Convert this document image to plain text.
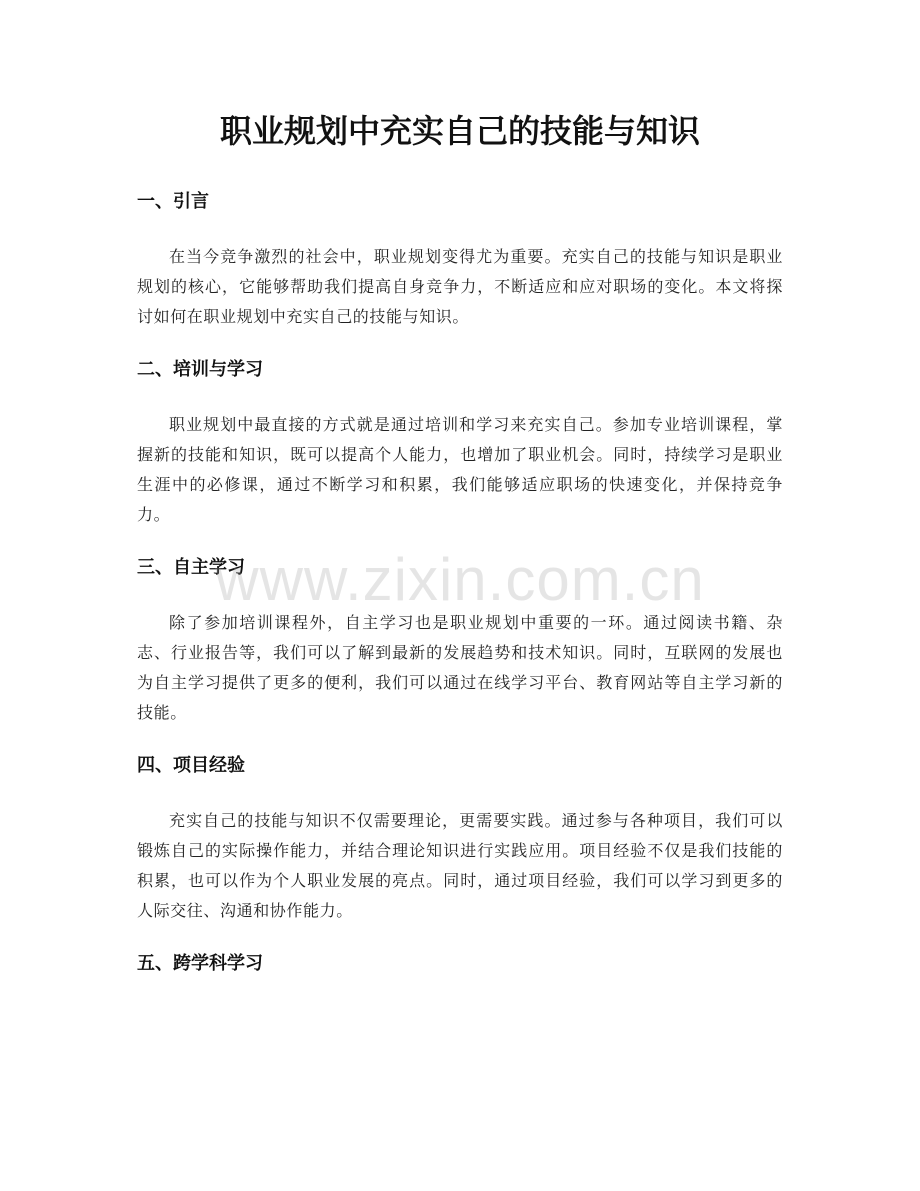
职业规划中充实自己的技能与知识
一、引言

在当今竞争激烈的社会中，职业规划变得尤为重要。充实自己的技能与知识是职业规划的核心，它能够帮助我们提高自身竞争力，不断适应和应对职场的变化。本文将探讨如何在职业规划中充实自己的技能与知识。

二、培训与学习

职业规划中最直接的方式就是通过培训和学习来充实自己。参加专业培训课程，掌握新的技能和知识，既可以提高个人能力，也增加了职业机会。同时，持续学习是职业生涯中的必修课，通过不断学习和积累，我们能够适应职场的快速变化，并保持竞争力。

三、自主学习

除了参加培训课程外，自主学习也是职业规划中重要的一环。通过阅读书籍、杂志、行业报告等，我们可以了解到最新的发展趋势和技术知识。同时，互联网的发展也为自主学习提供了更多的便利，我们可以通过在线学习平台、教育网站等自主学习新的技能。

四、项目经验

充实自己的技能与知识不仅需要理论，更需要实践。通过参与各种项目，我们可以锻炼自己的实际操作能力，并结合理论知识进行实践应用。项目经验不仅是我们技能的积累，也可以作为个人职业发展的亮点。同时，通过项目经验，我们可以学习到更多的人际交往、沟通和协作能力。

五、跨学科学习
www.zixin.com.cn
